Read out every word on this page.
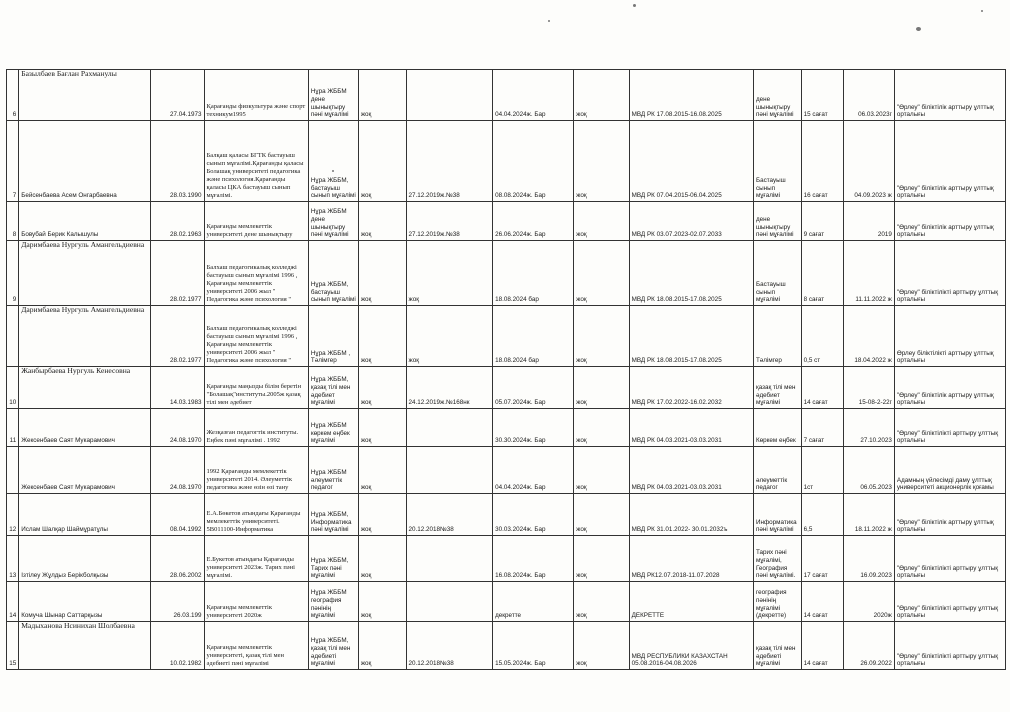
6	Базылбаев Бағлан Рахманулы	27.04.1973	Қарағанды физкультура және спорт техникум1995	Нұра ЖББМ дене шынықтыру пәні мұғалімі	жоқ		04.04.2024ж. Бар	жоқ	МВД РК 17.08.2015-16.08.2025	дене шынықтыру пәні мұғалімі	15 сағат	06.03.2023г	"Өрлеу" біліктілік арттыру ұлттық орталығы
7	Бейсенбаева Асем Онгарбаевна	28.03.1990	Балқаш қаласы БГТК бастауыш сынып мұғалімі.Қарағанды қаласы Болашақ университеті педагогика және психология.Қарағанды қаласы ЦКА бастауыш сынып мұғалімі.	Нұра ЖББМ, бастауыш сынып мұғалімі	жоқ	27.12.2019ж.№38	08.08.2024ж. Бар	жоқ	МВД РК 07.04.2015-06.04.2025	Бастауыш сынып мұғалімі	16 сағат	04.09.2023 ж	"Өрлеу" біліктілік арттыру ұлттық орталығы
8	Бовубай Берик Калышулы	28.02.1963	Қарағанды мемлекеттік университеті дене шынықтыру	Нұра ЖББМ дене шынықтыру пәні мұғалімі	жоқ	27.12.2019ж.№38	26.06.2024ж. Бар	жоқ	МВД РК 03.07.2023-02.07.2033	дене шынықтыру пәні мұғалімі	9 сағат	2019	"Өрлеу" біліктілік арттыру ұлттық орталығы
9	Даримбаева Нургуль Амангельдиевна	28.02.1977	Балхаш педагогикалық колледжі бастауыш сынып мұғалімі 1996 , Қарағанды мемлекеттік университеті 2006 жыл " Педагогика және психология "	Нұра ЖББМ, бастауыш сынып мұғалімі	жоқ	жоқ	18.08.2024 бар	жоқ	МВД РК 18.08.2015-17.08.2025	Бастауыш сынып мұғалімі	8 сағат	11.11.2022 ж	"Өрлеу" біліктілікті арттыру ұлттық орталығы

	Даримбаева Нургуль Амангельдиевна	28.02.1977	Балхаш педагогикалық колледжі бастауыш сынып мұғалімі 1996 , Қарағанды мемлекеттік университеті 2006 жыл " Педагогика және психология "	Нұра ЖББМ , Тәлімгер	жоқ	жоқ	18.08.2024 бар	жоқ	МВД РК 18.08.2015-17.08.2025	Тәлімгер	0,5 ст	18.04.2022 ж	Өрлеу біліктілікті арттыру ұлттық орталығы
10	Жанбырбаева Нургуль Кенесовна	14.03.1983	Қарағанды маңызды білім беретін "Болашақ"институты.2005ж қазақ тілі мен әдебиет	Нұра ЖББМ, қазақ тілі мен әдебиет мұғалімі	жоқ	24.12.2019ж.№168нк	05.07.2024ж. Бар	жоқ	МВД РК 17.02.2022-16.02.2032	қазақ тілі мен әдебиет мұғалімі	14 сағат	15-08-2-22г	"Өрлеу" біліктілік арттыру ұлттық орталығы
11	Жексенбаев Саят Мукарамович	24.08.1970	Жезқазған педагогтік институты. Еңбек пәні мұғалімі . 1992	Нұра ЖББМ көркем еңбек мұғалімі	жоқ		30.30.2024ж. Бар	жоқ	МВД РК 04.03.2021-03.03.2031	Көркем еңбек	7 сағат	27.10.2023	"Өрлеу" біліктілікті арттыру ұлттық орталығы

	Жексенбаев Саят Мукарамович	24.08.1970	1992 Қарағанды мемлекеттік университеті 2014. Әлеуметтік педагогика және өзін өзі тану	Нұра ЖББМ әлеуметтік педагог	жоқ		04.04.2024ж. Бар	жоқ	МВД РК 04.03.2021-03.03.2031	әлеуметтік педагог	1ст	06.05.2023	Адамның үйлесімді даму ұлттық университеті акционерлік қоғамы
12	Ислам Шалқар Шаймұратұлы	08.04.1992	Е.А.Бөкетов атындағы Қарағанды мемлекеттік университеті. 5В011100-Информатика	Нұра ЖББМ, Информатика пәні мұғалімі	жоқ	20.12.2018№38	30.03.2024ж. Бар	жоқ	МВД РК 31.01.2022- 30.01.2032ъ	Информатика пәні мұғалімі	6,5	18.11.2022 ж	"Өрлеу" біліктілік арттыру ұлттық орталығы
13	Ізтілеу Жұлдыз Берікболқызы	28.06.2002	Е.Букетов атындағы Қарағанды университеті 2023ж. Тарих пәні мұғалімі.	Нұра ЖББМ, Тарих пәні мұғалімі	жоқ		16.08.2024ж. Бар	жоқ	МВД РК12.07.2018-11.07.2028	Тарих пәні мұғалімі, География пәні мұғалімі.	17 сағат	16.09.2023	"Өрлеу" біліктілікті арттыру ұлттық орталығы
14	Комуча Шынар Саттарқызы	26.03.199	Қарағанды мемлекеттік университеті 2020ж	Нұра ЖББМ география пәнінің мұғалімі	жоқ		декретте	жоқ	ДЕКРЕТТЕ	география пәнінің мұғалімі (декретте)	14 сағат	2020ж	"Өрлеу" біліктілікті арттыру ұлттық орталығы
15	Мадыханова Нсинихан Шолбаевна	10.02.1982	Қарағанды мемлекеттік университеті, қазақ тілі мен әдебиеті пәні мұғалімі	Нұра ЖББМ, қазақ тілі мен әдебиеті мұғалімі	жоқ	20.12.2018№38	15.05.2024ж. Бар	жоқ	МВД РЕСПУБЛИКИ КАЗАХСТАН 05.08.2016-04.08.2026	қазақ тілі мен әдебиеті мұғалімі	14 сағат	26.09.2022	"Өрлеу" біліктілікті арттыру ұлттық орталығы
